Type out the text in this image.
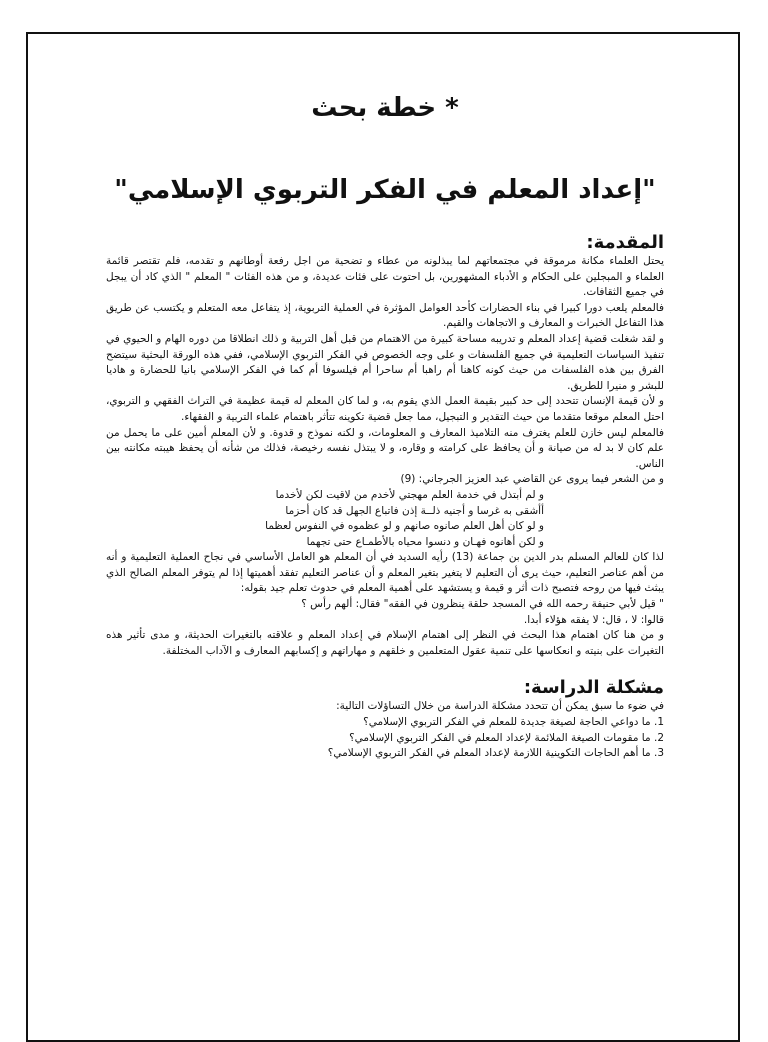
* خطة بحث
"إعداد المعلم في الفكر التربوي الإسلامي"
المقدمة:

يحتل العلماء مكانة مرموقة في مجتمعاتهم لما يبذلونه من عطاء و تضحية من اجل رفعة أوطانهم و تقدمه، فلم تقتصر قائمة العلماء و المبجلين على الحكام و الأدباء المشهورين، بل احتوت على فئات عديدة، و من هذه الفئات " المعلم " الذي كاد أن يبجل في جميع الثقافات.

فالمعلم يلعب دورا كبيرا في بناء الحضارات كأحد العوامل المؤثرة في العملية التربوية، إذ يتفاعل معه المتعلم و يكتسب عن طريق هذا التفاعل الخبرات و المعارف و الاتجاهات والقيم.

و لقد شغلت قضية إعداد المعلم و تدريبه مساحة كبيرة من الاهتمام من قبل أهل التربية و ذلك انطلاقا من دوره الهام و الحيوي في تنفيذ السياسات التعليمية في جميع الفلسفات و على وجه الخصوص في الفكر التربوي الإسلامي، ففي هذه الورقة البحثية سيتضح الفرق بين هذه الفلسفات من حيث كونه كاهنا أم راهبا أم ساحرا أم فيلسوفا أم كما في الفكر الإسلامي بانيا للحضارة و هاديا للبشر و منيرا للطريق.

و لأن قيمة الإنسان تتحدد إلى حد كبير بقيمة العمل الذي يقوم به، و لما كان المعلم له قيمة عظيمة في التراث الفقهي و التربوي، احتل المعلم موقعا متقدما من حيث التقدير و التبجيل، مما جعل قضية تكوينه تتأثر باهتمام علماء التربية و الفقهاء.

فالمعلم ليس خازن للعلم يغترف منه التلاميذ المعارف و المعلومات، و لكنه نموذج و قدوة. و لأن المعلم أمين على ما يحمل من علم كان لا بد له من صيانة و أن يحافظ على كرامته و وقاره، و لا يبتذل نفسه رخيصة، فذلك من شأنه أن يحفظ هيبته مكانته بين الناس.

و من الشعر فيما يروى عن القاضي عبد العزيز الجرجاني: (9)

و لم أبتذل في خدمة العلم مهجتي لأخدم من لاقيت لكن لأخدما

أأشقى به غرسا و أجنيه ذلــة إذن فاتباع الجهل قد كان أحزما

و لو كان أهل العلم صانوه صانهم و لو عظموه في النفوس لعظما

و لكن أهانوه فهـان و دنسوا محياه بالأطمـاع حتى تجهما

لذا كان للعالم المسلم بدر الدين بن جماعة (13) رأيه السديد في أن المعلم هو العامل الأساسي في نجاح العملية التعليمية و أنه من أهم عناصر التعليم، حيث يرى أن التعليم لا يتغير بتغير المعلم و أن عناصر التعليم تفقد أهميتها إذا لم يتوفر المعلم الصالح الذي يبثث فيها من روحه فتصبح ذات أثر و قيمة و يستشهد على أهمية المعلم في حدوث تعلم جيد بقوله:

" قيل لأبي حنيفة رحمه الله في المسجد حلقة ينظرون في الفقه" فقال: ألهم رأس ؟

قالوا: لا ، قال: لا يفقه هؤلاء أبدا.

و من هنا كان اهتمام هذا البحث في النظر إلى اهتمام الإسلام في إعداد المعلم و علاقته بالتغيرات الحديثة، و مدى تأثير هذه التغيرات على بنيته و انعكاسها على تنمية عقول المتعلمين و خلقهم و مهاراتهم و إكسابهم المعارف و الآداب المختلفة.

مشكلة الدراسة:

في ضوء ما سبق يمكن أن تتحدد مشكلة الدراسة من خلال التساؤلات التالية:

1. ما دواعي الحاجة لصيغة جديدة للمعلم في الفكر التربوي الإسلامي؟
2. ما مقومات الصيغة الملائمة لإعداد المعلم في الفكر التربوي الإسلامي؟
3. ما أهم الحاجات التكوينية اللازمة لإعداد المعلم في الفكر التربوي الإسلامي؟
